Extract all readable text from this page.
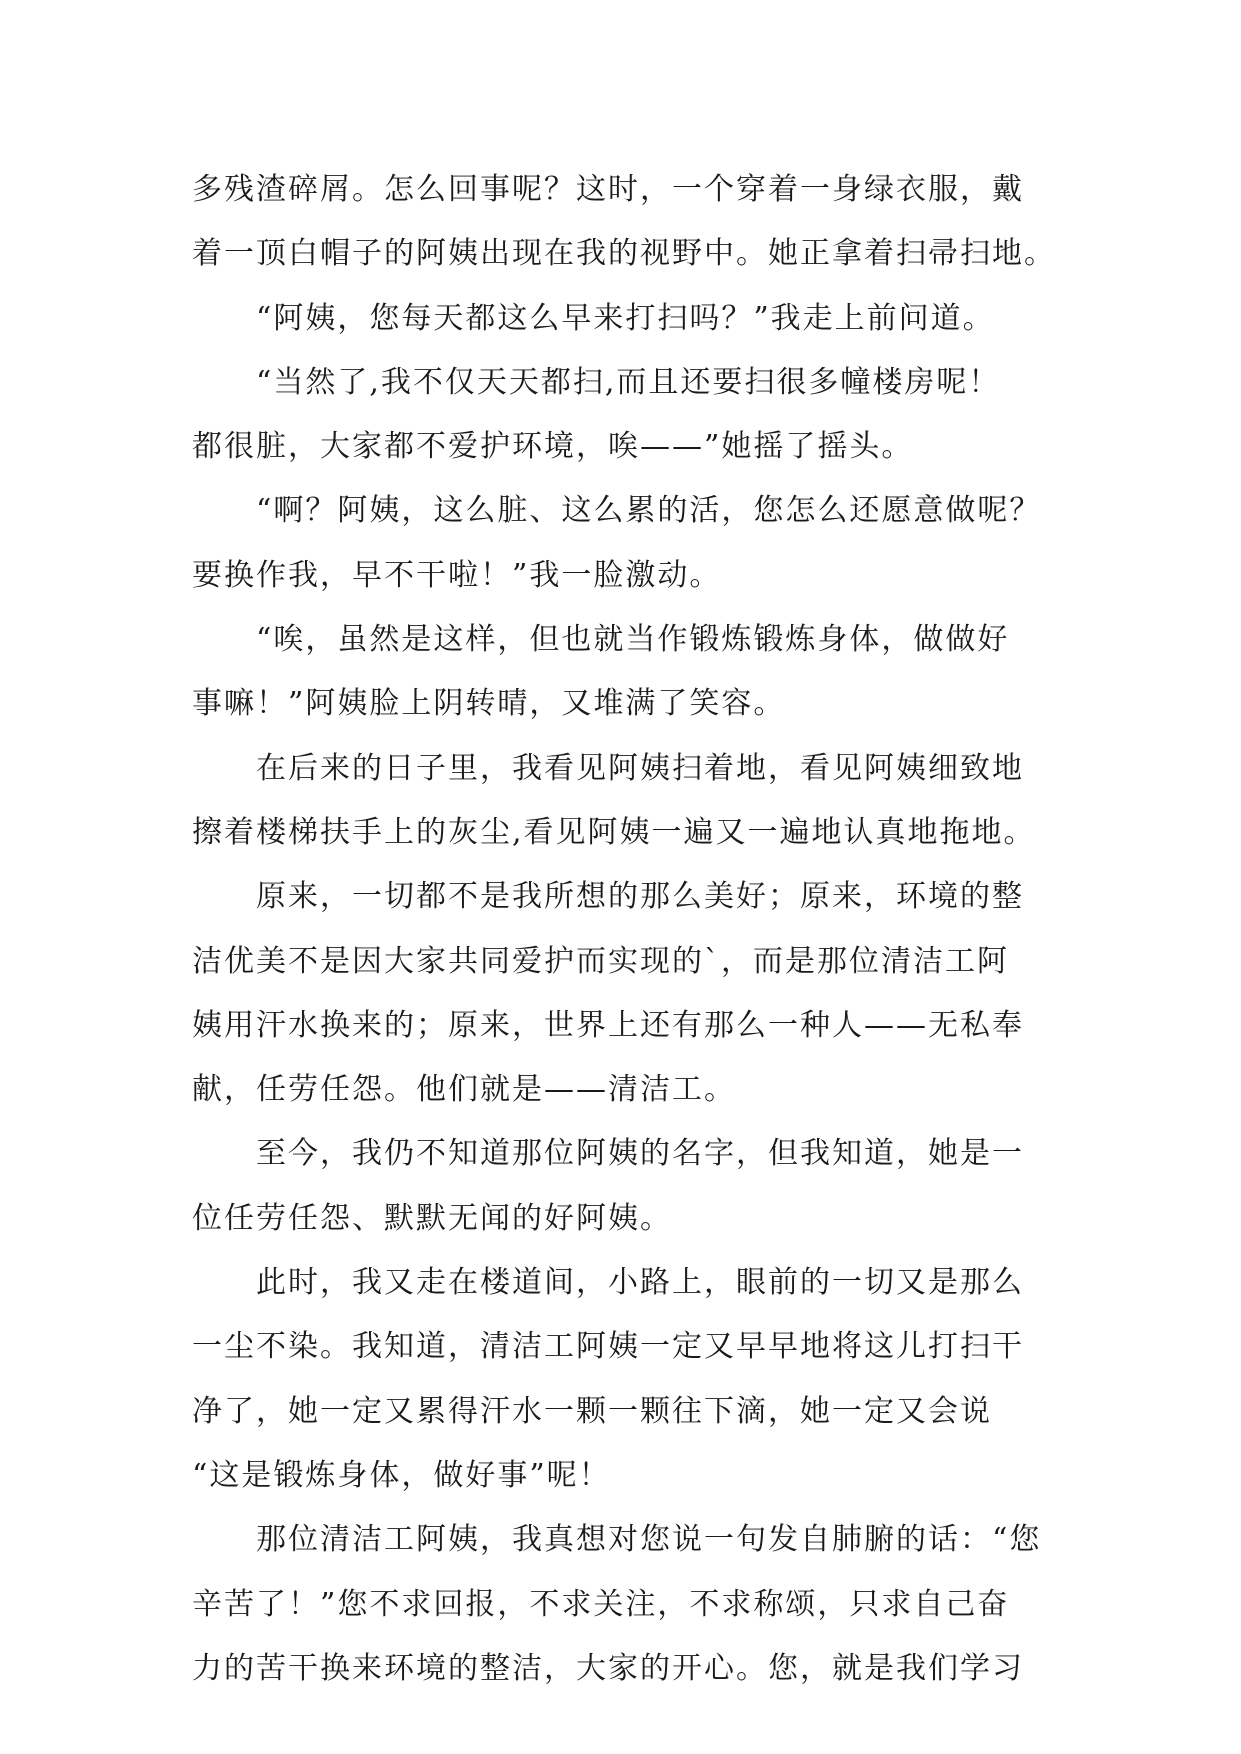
多残渣碎屑。怎么回事呢？这时，一个穿着一身绿衣服，戴
着一顶白帽子的阿姨出现在我的视野中。她正拿着扫帚扫地。
“阿姨，您每天都这么早来打扫吗？”我走上前问道。
“当然了,我不仅天天都扫,而且还要扫很多幢楼房呢！
都很脏，大家都不爱护环境，唉——”她摇了摇头。
“啊？阿姨，这么脏、这么累的活，您怎么还愿意做呢？
要换作我，早不干啦！”我一脸激动。
“唉，虽然是这样，但也就当作锻炼锻炼身体，做做好
事嘛！”阿姨脸上阴转晴，又堆满了笑容。
在后来的日子里，我看见阿姨扫着地，看见阿姨细致地
擦着楼梯扶手上的灰尘,看见阿姨一遍又一遍地认真地拖地。
原来，一切都不是我所想的那么美好；原来，环境的整
洁优美不是因大家共同爱护而实现的`，而是那位清洁工阿
姨用汗水换来的；原来，世界上还有那么一种人——无私奉
献，任劳任怨。他们就是——清洁工。
至今，我仍不知道那位阿姨的名字，但我知道，她是一
位任劳任怨、默默无闻的好阿姨。
此时，我又走在楼道间，小路上，眼前的一切又是那么
一尘不染。我知道，清洁工阿姨一定又早早地将这儿打扫干
净了，她一定又累得汗水一颗一颗往下滴，她一定又会说
“这是锻炼身体，做好事”呢！
那位清洁工阿姨，我真想对您说一句发自肺腑的话：“您
辛苦了！”您不求回报，不求关注，不求称颂，只求自己奋
力的苦干换来环境的整洁，大家的开心。您，就是我们学习
